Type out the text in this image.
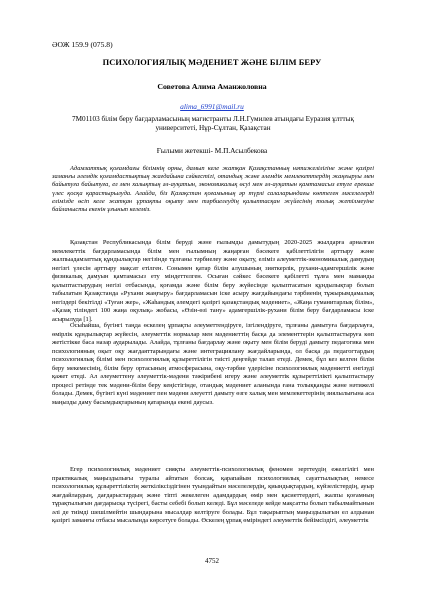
ӘОЖ 159.9 (075.8)
ПСИХОЛОГИЯЛЫҚ МӘДЕНИЕТ ЖӘНЕ БІЛІМ БЕРУ
Советова Алима Аманжоловна
alima_6991@mail.ru
7M01103 білім беру бағдарламасының магистранты Л.Н.Гумилев атындағы Еуразия ұлттық университеті, Нұр-Сұлтан, Қазақстан
Ғылыми жетекші- М.П.Асылбекова

Адамзаттық қоғамдағы білімнің орны, дамып келе жатқан Қазақстанның нәтижелілігіне және қазіргі заманғы әлемдік қоғамдастықтың жағдайына сәйкестігі, отандық және әлемдік мемлекеттердің жаңғыруы мен байытуға байытуға, ел мен халықтың әл-ауқатын, экономикалық өсуі мен әл-ауқатын қамтамасыз етуге ерекше үлес қосқа қарастырылуда. Алайда, біз Қазақстан қоғамының әр түрлі салаларындағы көптеген мәселелерді елімізде өсіп келе жатқан ұрпақты оқыту мен тәрбиелеудің қалыптасқан жүйесінің толық жетілмеуіне байланысты екенін ұғынып келеміз.

Қазақстан Республикасында білім беруді және ғылымды дамытудың 2020-2025 жылдарға арналған мемлекеттік бағдарламасында білім мен ғылымның жаңарған бәсекеге қабілеттілігін арттыру және жалпыадамзаттық құндылықтар негізінде тұлғаны тәрбиелеу және оқыту, еліміз алеуметтік-экономикалық дамудың негізгі үлесін арттыру мақсат етілген. Сонымен қатар білім алушының зияткерлік, рухани-адамгершілік және физикалық дамуын қамтамасыз ету міндеттелген. Осыған сәйкес бәсекеге қабілетті тұлға мен маманды қалыптастырудың негізі отбасында, қоғамда және білім беру жүйесінде қалыптасатын құндылықтар болып табылатын Қазақстанда «Рухани жаңғыру» бағдарламасын іске асыру жағдайындағы тәрбиенің тұжырымдамалық негіздері бекітілді «Туған жер», «Жаһандық әлемдегі қазіргі қазақстандық мәдениет», «Жаңа гуманитарлық білім», «Қазақ тіліндегі 100 жаңа оқулық» жобасы, «Өзін-өзі тану» адамгершілік-рухани білім беру бағдарламасы іске асырылуда [1].

Осыһайша, бүгінгі таңда өскелең ұрпақты әлеуметтендіруге, ізгілендіруге, тұлғаны дамытуға бағдарлауға, өмірлік құндылықтар жүйесін, әлеуметтік нормалар мен мәдениеттің басқа да элементтерін қалыптастыруға көп жетістікке баса назар аударылады. Алайда, тұлғаны бағдарлау және оқыту мен білім беруді дамыту педагогика мен психологияның оқыт оқу жағдаяттарындағы және интеграциялану жағдайларында, ол басқа да педагогтардың психологиялық білімі мен психологиялық құзыреттілігін тиісті деңгейде талап етеді. Демек, бұл кез келген білім беру мекемесінің, білім беру ортасының атмосферасына, оқу-тәрбие үдерісіне психологиялық мәдениетті енгізуді қажет етеді. Ал әлеуметтену әлеуметтік-мәдени тәжірибені игеру және әлеуметтік құзыреттілікті қалыптастыру процесі ретінде тек мәдени-білім беру кеңістігінде, отандық мәдениет аланында ғана толыққанды және нәтижелі болады. Демек, бүгінгі күні мәдениет пен мәдени әлеуетті дамыту өзге халық мен мемлекеттерінің зиялылығына аса маңызды даму басымдықтарының қатарында екені даусыз.

Егер психологиялық мәдениет сияқты әлеуметтік-психологиялық феномен зерттеудің ежелгілігі мен практикалық маңыздылығы туралы айтатын болсақ, қарапайым психологиялық сауаттылықтың немесе психологиялық құзыреттіліктің жеткіліксіздігінен туындайтын мәселелердің, қиындықтардың, күйзелістердің, ауыр жағдайлардың, дағдарыстардың және тіпті жекелеген адамдардың өмір мен қасиеттердегі, жалпы қоғамның тұрақтылығын дағдарысқа түсірегі, басты себебі болып келеді. Бұл мәселеде кейде мақсатты болып табылмайтынын әлі де тиімді шешілмейтін шындарына мысалдар келтіруге болады. Бұл тақырыптың маңыздылығын ел алдынан қазіргі заманғы отбасы мысалында көрсетуге болады. Өскелең ұрпақ өміріндегі әлеуметтік бейімсіздігі, әлеуметтік

4752
